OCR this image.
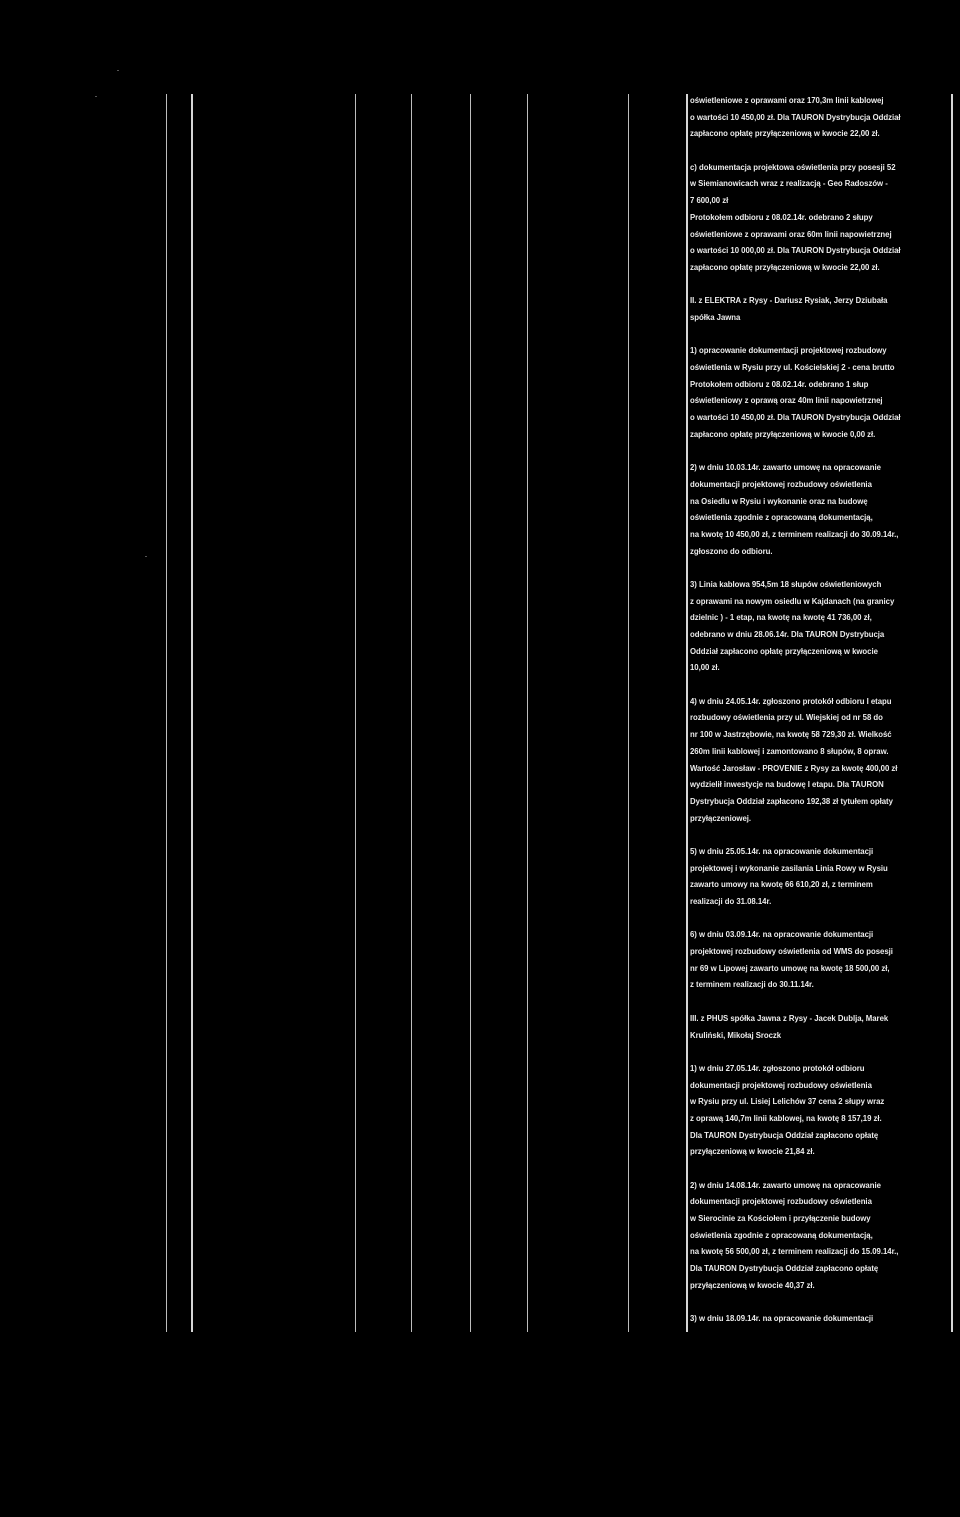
oświetleniowe z oprawami oraz 170,3m linii kablowej
o wartości 10 450,00 zł. Dla TAURON Dystrybucja Oddział
zapłacono opłatę przyłączeniową w kwocie 22,00 zł.
c) dokumentacja projektowa oświetlenia przy posesji 52
w Siemianowicach wraz z realizacją - Geo Radoszów -
7 600,00 zł
Protokołem odbioru z 08.02.14r. odebrano 2 słupy
oświetleniowe z oprawami oraz 60m linii napowietrznej
o wartości 10 000,00 zł. Dla TAURON Dystrybucja Oddział
zapłacono opłatę przyłączeniową w kwocie 22,00 zł.
II. z ELEKTRA z Rysy - Dariusz Rysiak, Jerzy Dziubała
spółka Jawna
1) opracowanie dokumentacji projektowej rozbudowy
oświetlenia w Rysiu przy ul. Kościelskiej 2 - cena brutto
Protokołem odbioru z 08.02.14r. odebrano 1 słup
oświetleniowy z oprawą oraz 40m linii napowietrznej
o wartości 10 450,00 zł. Dla TAURON Dystrybucja Oddział
zapłacono opłatę przyłączeniową w kwocie 0,00 zł.
2) w dniu 10.03.14r. zawarto umowę na opracowanie
dokumentacji projektowej rozbudowy oświetlenia
na Osiedlu w Rysiu i wykonanie oraz na budowę
oświetlenia zgodnie z opracowaną dokumentacją,
na kwotę 10 450,00 zł, z terminem realizacji do 30.09.14r.,
zgłoszono do odbioru.
3) Linia kablowa 954,5m 18 słupów oświetleniowych
z oprawami na nowym osiedlu w Kajdanach (na granicy
dzielnic ) - 1 etap, na kwotę na kwotę 41 736,00 zł,
odebrano w dniu 28.06.14r. Dla TAURON Dystrybucja
Oddział zapłacono opłatę przyłączeniową w kwocie
10,00 zł.
4) w dniu 24.05.14r. zgłoszono protokół odbioru I etapu
rozbudowy oświetlenia przy ul. Wiejskiej od nr 58 do
nr 100 w Jastrzębowie, na kwotę 58 729,30 zł. Wielkość
260m linii kablowej i zamontowano 8 słupów, 8 opraw.
Wartość Jarosław - PROVENIE z Rysy za kwotę 400,00 zł
wydzielił inwestycje na budowę I etapu. Dla TAURON
Dystrybucja Oddział zapłacono 192,38 zł tytułem opłaty
przyłączeniowej.
5) w dniu 25.05.14r. na opracowanie dokumentacji
projektowej i wykonanie zasilania Linia Rowy w Rysiu
zawarto umowy na kwotę 66 610,20 zł, z terminem
realizacji do 31.08.14r.
6) w dniu 03.09.14r. na opracowanie dokumentacji
projektowej rozbudowy oświetlenia od WMS do posesji
nr 69 w Lipowej zawarto umowę na kwotę 18 500,00 zł,
z terminem realizacji do 30.11.14r.
III. z PHUS spółka Jawna z Rysy - Jacek Dublja, Marek
Kruliński, Mikołaj Sroczk
1) w dniu 27.05.14r. zgłoszono protokół odbioru
dokumentacji projektowej rozbudowy oświetlenia
w Rysiu przy ul. Lisiej Lelichów 37 cena 2 słupy wraz
z oprawą 140,7m linii kablowej, na kwotę 8 157,19 zł.
Dla TAURON Dystrybucja Oddział zapłacono opłatę
przyłączeniową w kwocie 21,84 zł.
2) w dniu 14.08.14r. zawarto umowę na opracowanie
dokumentacji projektowej rozbudowy oświetlenia
w Sierocinie za Kościołem i przyłączenie budowy
oświetlenia zgodnie z opracowaną dokumentacją,
na kwotę 56 500,00 zł, z terminem realizacji do 15.09.14r.,
Dla TAURON Dystrybucja Oddział zapłacono opłatę
przyłączeniową w kwocie 40,37 zł.
3) w dniu 18.09.14r. na opracowanie dokumentacji
